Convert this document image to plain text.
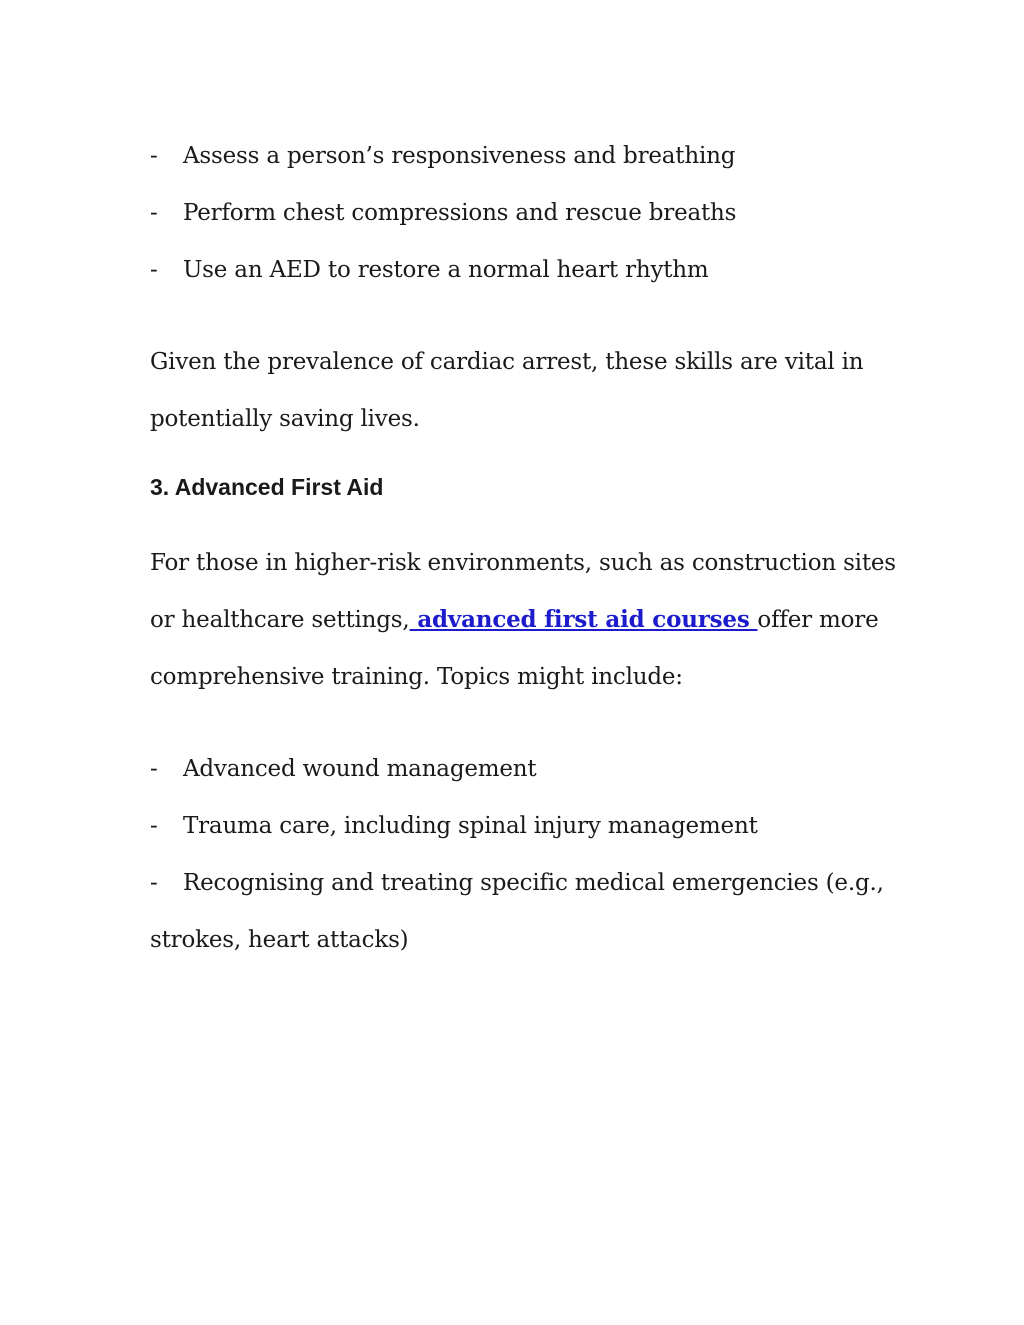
- Assess a person’s responsiveness and breathing
- Perform chest compressions and rescue breaths
- Use an AED to restore a normal heart rhythm
Given the prevalence of cardiac arrest, these skills are vital in
potentially saving lives.
3. Advanced First Aid
For those in higher-risk environments, such as construction sites
or healthcare settings, advanced first aid courses offer more
comprehensive training. Topics might include:
- Advanced wound management
- Trauma care, including spinal injury management
- Recognising and treating specific medical emergencies (e.g.,
strokes, heart attacks)
